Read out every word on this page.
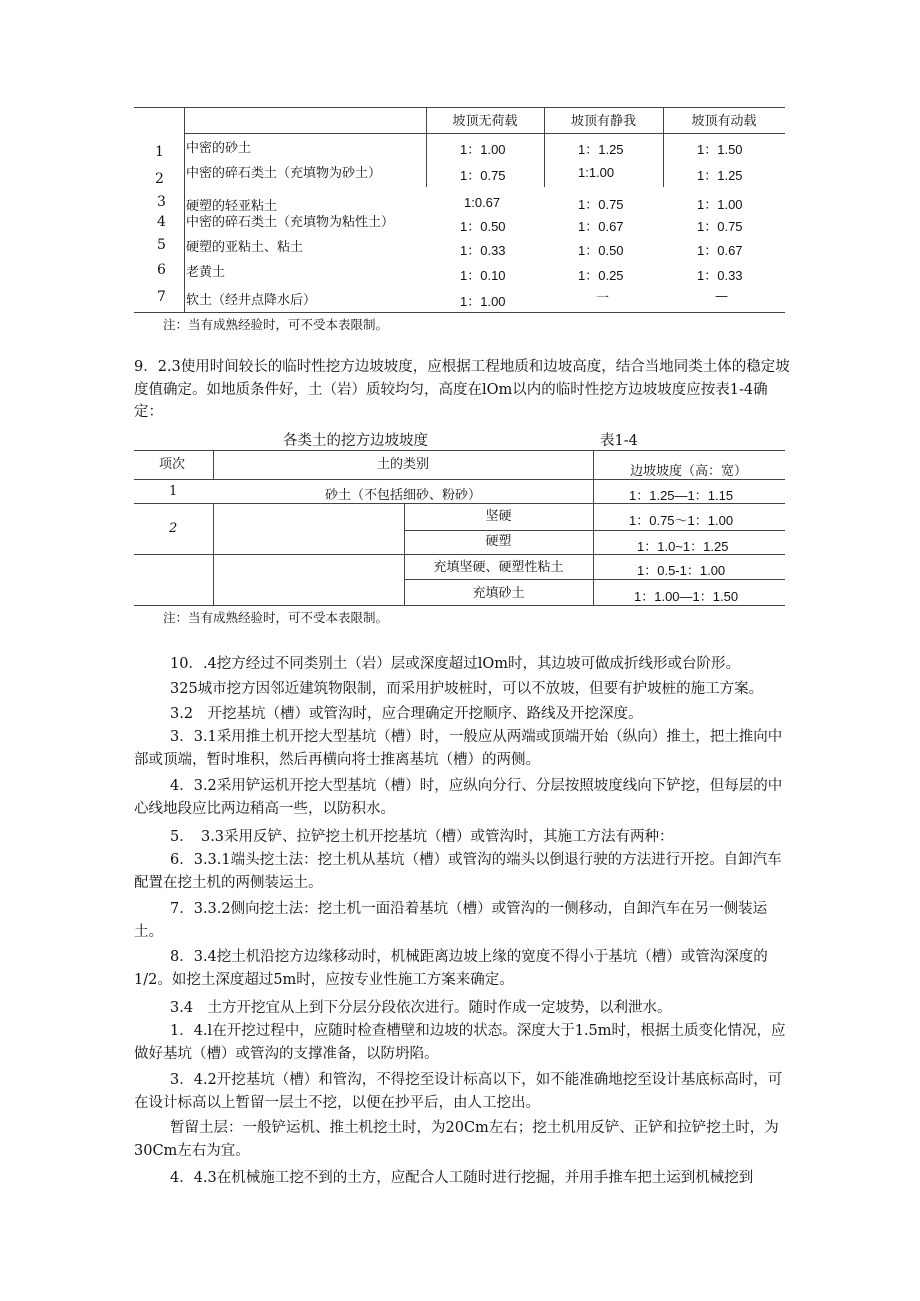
坡顶无荷载	坡顶有静我	坡顶有动载
1 中密的砂土	1：1.00	1：1.25	1：1.50
2 中密的碎石类土（充填物为砂土）	1：0.75	1:1.00	1：1.25
3 硬塑的轻亚粘土	1:0.67	1：0.75	1：1.00
4 中密的碎石类土（充填物为粘性土）	1：0.50	1：0.67	1：0.75
5 硬塑的亚粘土、粘土	1：0.33	1：0.50	1：0.67
6 老黄土	1：0.10	1：0.25	1：0.33
7 软土（经井点降水后）	1：1.00	一	—
注：当有成熟经验时，可不受本表限制。
9．2.3使用时间较长的临时性挖方边坡坡度，应根据工程地质和边坡高度，结合当地同类土体的稳定坡度值确定。如地质条件好，土（岩）质较均匀，高度在lOm以内的临时性挖方边坡坡度应按表1-4确定：
各类土的挖方边坡坡度	表1-4
项次	土的类别	边坡坡度（高：宽）
1	砂土（不包括细砂、粉砂）	1：1.25—1：1.15
2
坚硬	1：0.75～1：1.00
硬塑	1：1.0~1：1.25
充填坚硬、硬塑性粘土	1：0.5-1：1.00
充填砂土	1：1.00—1：1.50
注：当有成熟经验时，可不受本表限制。
10．.4挖方经过不同类别土（岩）层或深度超过lOm时，其边坡可做成折线形或台阶形。
325城市挖方因邻近建筑物限制，而采用护坡桩时，可以不放坡，但要有护坡桩的施工方案。
3.2　开挖基坑（槽）或管沟时，应合理确定开挖顺序、路线及开挖深度。
3．3.1采用推土机开挖大型基坑（槽）时，一般应从两端或顶端开始（纵向）推土，把土推向中部或顶端，暂时堆积，然后再横向将士推离基坑（槽）的两侧。
4．3.2采用铲运机开挖大型基坑（槽）时，应纵向分行、分层按照坡度线向下铲挖，但每层的中心线地段应比两边稍高一些，以防积水。
5．　3.3采用反铲、拉铲挖土机开挖基坑（槽）或管沟时，其施工方法有两种：
6．3.3.1端头挖土法：挖土机从基坑（槽）或管沟的端头以倒退行驶的方法进行开挖。自卸汽车配置在挖土机的两侧装运土。
7．3.3.2侧向挖土法：挖土机一面沿着基坑（槽）或管沟的一侧移动，自卸汽车在另一侧装运土。
8．3.4挖土机沿挖方边缘移动时，机械距离边坡上缘的宽度不得小于基坑（槽）或管沟深度的1/2。如挖土深度超过5m时，应按专业性施工方案来确定。
3.4　土方开挖宜从上到下分层分段依次进行。随时作成一定坡势，以利泄水。
1．4.l在开挖过程中，应随时检查槽壁和边坡的状态。深度大于1.5m时，根据土质变化情况，应做好基坑（槽）或管沟的支撑准备，以防坍陷。
3．4.2开挖基坑（槽）和管沟，不得挖至设计标高以下，如不能准确地挖至设计基底标高时，可在设计标高以上暂留一层土不挖，以便在抄平后，由人工挖出。
暂留土层：一般铲运机、推土机挖土时，为20Cm左右；挖土机用反铲、正铲和拉铲挖土时，为30Cm左右为宜。
4．4.3在机械施工挖不到的土方，应配合人工随时进行挖掘，并用手推车把土运到机械挖到
